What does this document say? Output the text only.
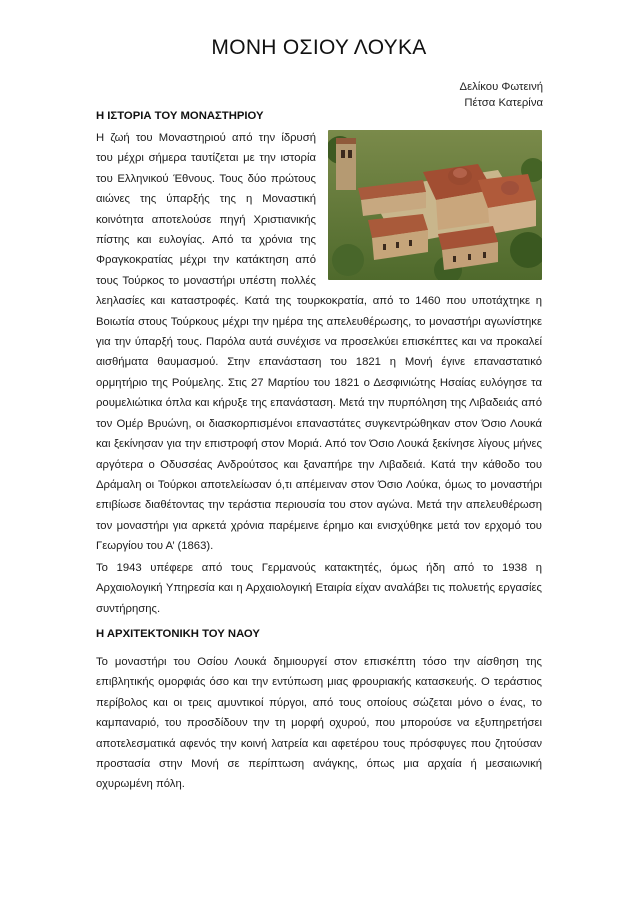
ΜΟΝΗ ΟΣΙΟΥ ΛΟΥΚΑ
Δελίκου Φωτεινή
Πέτσα Κατερίνα
Η ΙΣΤΟΡΙΑ ΤΟΥ ΜΟΝΑΣΤΗΡΙΟΥ
Η ζωή του Μοναστηριού από την ίδρυσή του μέχρι σήμερα ταυτίζεται με την ιστορία του Ελληνικού Έθνους. Τους δύο πρώτους αιώνες της ύπαρξής της η Μοναστική κοινότητα αποτελούσε πηγή Χριστιανικής πίστης και ευλογίας. Από τα χρόνια της Φραγκοκρατίας μέχρι την κατάκτηση από τους Τούρκος το μοναστήρι υπέστη πολλές λεηλασίες και καταστροφές. Κατά της τουρκοκρατία, από το 1460 που υποτάχτηκε η Βοιωτία στους Τούρκους μέχρι την ημέρα της απελευθέρωσης, το μοναστήρι αγωνίστηκε για την ύπαρξή τους. Παρόλα αυτά συνέχισε να προσελκύει επισκέπτες και να προκαλεί αισθήματα θαυμασμού. Στην επανάσταση του 1821 η Μονή έγινε επαναστατικό ορμητήριο της Ρούμελης. Στις 27 Μαρτίου του 1821 ο Δεσφινιώτης Ησαίας ευλόγησε τα ρουμελιώτικα όπλα και κήρυξε της επανάσταση. Μετά την πυρπόληση της Λιβαδειάς από τον Ομέρ Βρυώνη, οι διασκορπισμένοι επαναστάτες συγκεντρώθηκαν στον Όσιο Λουκά και ξεκίνησαν για την επιστροφή στον Μοριά. Από τον Όσιο Λουκά ξεκίνησε λίγους μήνες αργότερα ο Οδυσσέας Ανδρούτσος και ξαναπήρε την Λιβαδειά. Κατά την κάθοδο του Δράμαλη οι Τούρκοι αποτελείωσαν ό,τι απέμειναν στον Όσιο Λούκα, όμως το μοναστήρι επιβίωσε διαθέτοντας την τεράστια περιουσία του στον αγώνα. Μετά την απελευθέρωση τον μοναστήρι για αρκετά χρόνια παρέμεινε έρημο και ενισχύθηκε μετά τον ερχομό του Γεωργίου του Α’ (1863).
Το 1943 υπέφερε από τους Γερμανούς κατακτητές, όμως ήδη από το 1938 η Αρχαιολογική Υπηρεσία και η Αρχαιολογική Εταιρία είχαν αναλάβει τις πολυετής εργασίες συντήρησης.
Η ΑΡΧΙΤΕΚΤΟΝΙΚΗ ΤΟΥ ΝΑΟΥ
Το μοναστήρι του Οσίου Λουκά δημιουργεί στον επισκέπτη τόσο την αίσθηση της επιβλητικής ομορφιάς όσο και την εντύπωση μιας φρουριακής κατασκευής. Ο τεράστιος περίβολος και οι τρεις αμυντικοί πύργοι, από τους οποίους σώζεται μόνο ο ένας, το καμπαναριό, του προσδίδουν την τη μορφή οχυρού, που μπορούσε να εξυπηρετήσει αποτελεσματικά αφενός την κοινή λατρεία και αφετέρου τους πρόσφυγες που ζητούσαν προστασία στην Μονή σε περίπτωση ανάγκης, όπως μια αρχαία ή μεσαιωνική οχυρωμένη πόλη.
